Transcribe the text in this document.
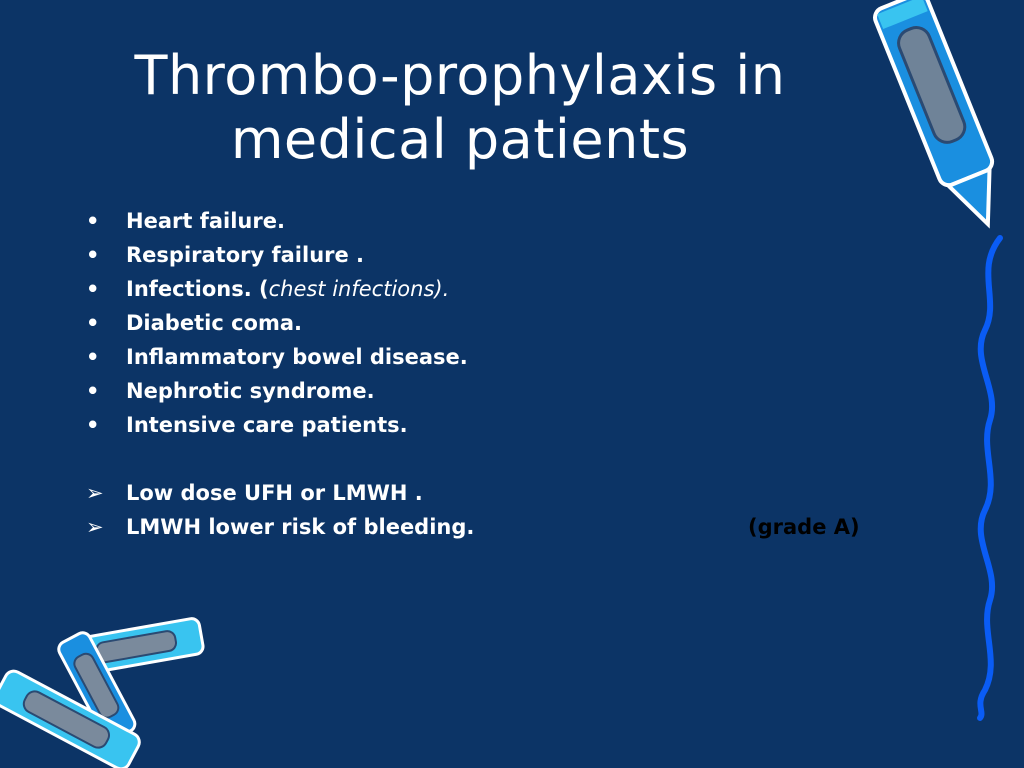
Thrombo-prophylaxis in
medical patients
•	Heart failure.
•	Respiratory failure .
•	Infections. (chest infections).
•	Diabetic coma.
•	Inflammatory bowel disease.
•	Nephrotic syndrome.
•	Intensive care patients.
➢	Low dose UFH or LMWH .
➢	LMWH lower risk of bleeding.	(grade A)
